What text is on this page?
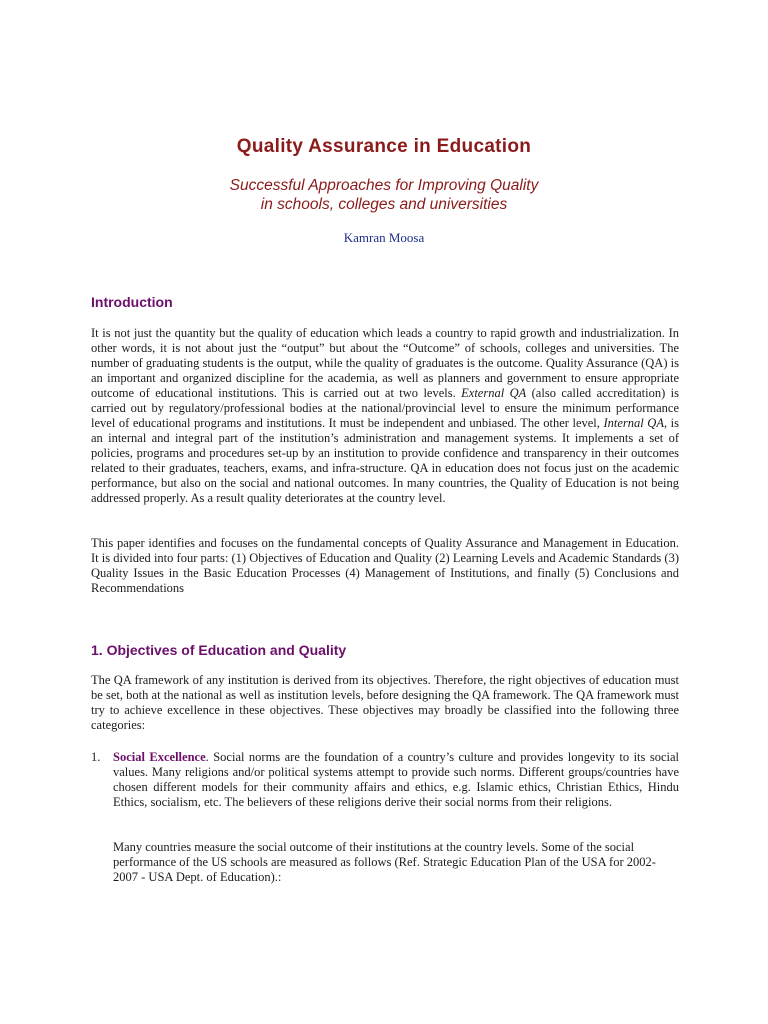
Quality Assurance in Education
Successful Approaches for Improving Quality
in schools, colleges and universities
Kamran Moosa
Introduction

It is not just the quantity but the quality of education which leads a country to rapid growth and industrialization. In other words, it is not about just the “output” but about the “Outcome” of schools, colleges and universities. The number of graduating students is the output, while the quality of graduates is the outcome. Quality Assurance (QA) is an important and organized discipline for the academia, as well as planners and government to ensure appropriate outcome of educational institutions. This is carried out at two levels. External QA (also called accreditation) is carried out by regulatory/professional bodies at the national/provincial level to ensure the minimum performance level of educational programs and institutions. It must be independent and unbiased. The other level, Internal QA, is an internal and integral part of the institution’s administration and management systems. It implements a set of policies, programs and procedures set-up by an institution to provide confidence and transparency in their outcomes related to their graduates, teachers, exams, and infra-structure. QA in education does not focus just on the academic performance, but also on the social and national outcomes. In many countries, the Quality of Education is not being addressed properly. As a result quality deteriorates at the country level.

This paper identifies and focuses on the fundamental concepts of Quality Assurance and Management in Education. It is divided into four parts: (1) Objectives of Education and Quality (2) Learning Levels and Academic Standards (3) Quality Issues in the Basic Education Processes (4) Management of Institutions, and finally (5) Conclusions and Recommendations
1. Objectives of Education and Quality
The QA framework of any institution is derived from its objectives. Therefore, the right objectives of education must be set, both at the national as well as institution levels, before designing the QA framework. The QA framework must try to achieve excellence in these objectives. These objectives may broadly be classified into the following three categories:
1. Social Excellence. Social norms are the foundation of a country’s culture and provides longevity to its social values. Many religions and/or political systems attempt to provide such norms. Different groups/countries have chosen different models for their community affairs and ethics, e.g. Islamic ethics, Christian Ethics, Hindu Ethics, socialism, etc. The believers of these religions derive their social norms from their religions.
Many countries measure the social outcome of their institutions at the country levels. Some of the social performance of the US schools are measured as follows (Ref. Strategic Education Plan of the USA for 2002-2007 - USA Dept. of Education).:
